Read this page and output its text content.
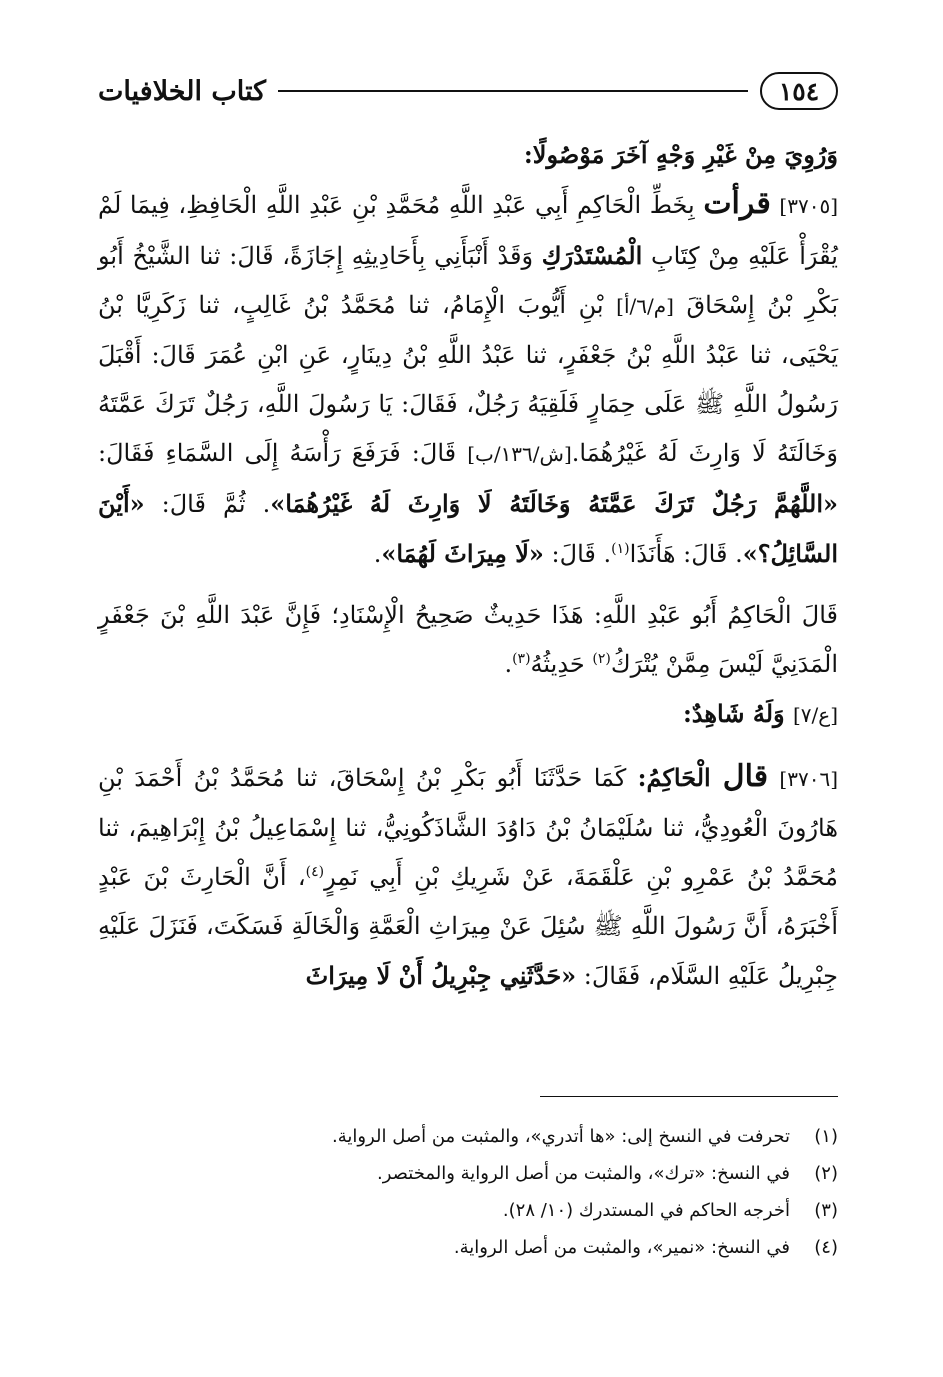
١٥٤
كتاب الخلافيات

وَرُوِيَ مِنْ غَيْرِ وَجْهٍ آخَرَ مَوْصُولًا:

[٣٧٠٥] قرأت بِخَطِّ الْحَاكِمِ أَبِي عَبْدِ اللَّهِ مُحَمَّدِ بْنِ عَبْدِ اللَّهِ الْحَافِظِ، فِيمَا لَمْ يُقْرَأْ عَلَيْهِ مِنْ كِتَابِ الْمُسْتَدْرَكِ وَقَدْ أَنْبَأَنِي بِأَحَادِيثِهِ إِجَازَةً، قَالَ: ثنا الشَّيْخُ أَبُو بَكْرِ بْنُ إِسْحَاقَ [م/٦/أ] بْنِ أَيُّوبَ الْإِمَامُ، ثنا مُحَمَّدُ بْنُ غَالِبٍ، ثنا زَكَرِيَّا بْنُ يَحْيَى، ثنا عَبْدُ اللَّهِ بْنُ جَعْفَرٍ، ثنا عَبْدُ اللَّهِ بْنُ دِينَارٍ، عَنِ ابْنِ عُمَرَ قَالَ: أَقْبَلَ رَسُولُ اللَّهِ ﷺ عَلَى حِمَارٍ فَلَقِيَهُ رَجُلٌ، فَقَالَ: يَا رَسُولَ اللَّهِ، رَجُلٌ تَرَكَ عَمَّتَهُ وَخَالَتَهُ لَا وَارِثَ لَهُ غَيْرُهُمَا.[ش/١٣٦/ب] قَالَ: فَرَفَعَ رَأْسَهُ إِلَى السَّمَاءِ فَقَالَ: «اللَّهُمَّ رَجُلٌ تَرَكَ عَمَّتَهُ وَخَالَتَهُ لَا وَارِثَ لَهُ غَيْرُهُمَا». ثُمَّ قَالَ: «أَيْنَ السَّائِلُ؟». قَالَ: هَأَنَذَا$^{(١)}$. قَالَ: «لَا مِيرَاثَ لَهُمَا».

قَالَ الْحَاكِمُ أَبُو عَبْدِ اللَّهِ: هَذَا حَدِيثٌ صَحِيحُ الْإِسْنَادِ؛ فَإِنَّ عَبْدَ اللَّهِ بْنَ جَعْفَرٍ الْمَدَنِيَّ لَيْسَ مِمَّنْ يُتْرَكُ$^{(٢)}$ حَدِيثُهُ$^{(٣)}$.

[ع/٧] وَلَهُ شَاهِدٌ:

[٣٧٠٦] قال الْحَاكِمُ: كَمَا حَدَّثَنَا أَبُو بَكْرِ بْنُ إِسْحَاقَ، ثنا مُحَمَّدُ بْنُ أَحْمَدَ بْنِ هَارُونَ الْعُودِيُّ، ثنا سُلَيْمَانُ بْنُ دَاوُدَ الشَّاذَكُونِيُّ، ثنا إِسْمَاعِيلُ بْنُ إِبْرَاهِيمَ، ثنا مُحَمَّدُ بْنُ عَمْرِو بْنِ عَلْقَمَةَ، عَنْ شَرِيكِ بْنِ أَبِي نَمِرٍ$^{(٤)}$، أَنَّ الْحَارِثَ بْنَ عَبْدٍ أَخْبَرَهُ، أَنَّ رَسُولَ اللَّهِ ﷺ سُئِلَ عَنْ مِيرَاثِ الْعَمَّةِ وَالْخَالَةِ فَسَكَتَ، فَنَزَلَ عَلَيْهِ جِبْرِيلُ عَلَيْهِ السَّلَام، فَقَالَ: «حَدَّثَنِي جِبْرِيلُ أَنْ لَا مِيرَاثَ

(١)
تحرفت في النسخ إلى: «ها أتدري»، والمثبت من أصل الرواية.
(٢)
في النسخ: «ترك»، والمثبت من أصل الرواية والمختصر.
(٣)
أخرجه الحاكم في المستدرك (١٠/ ٢٨).
(٤)
في النسخ: «نمير»، والمثبت من أصل الرواية.
